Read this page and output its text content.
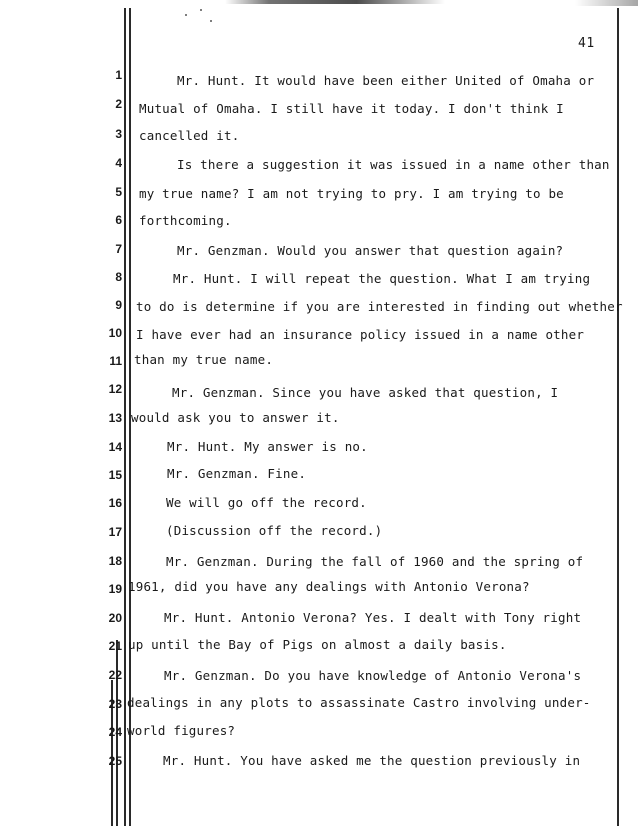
41
1
2
3
4
5
6
7
8
9
10
11
12
13
14
15
16
17
18
19
20
21
22
23
24
25
Mr. Hunt. It would have been either United of Omaha or
Mutual of Omaha. I still have it today. I don't think I
cancelled it.
Is there a suggestion it was issued in a name other than
my true name? I am not trying to pry. I am trying to be
forthcoming.
Mr. Genzman. Would you answer that question again?
Mr. Hunt. I will repeat the question. What I am trying
to do is determine if you are interested in finding out whether
I have ever had an insurance policy issued in a name other
than my true name.
Mr. Genzman. Since you have asked that question, I
would ask you to answer it.
Mr. Hunt. My answer is no.
Mr. Genzman. Fine.
We will go off the record.
(Discussion off the record.)
Mr. Genzman. During the fall of 1960 and the spring of
1961, did you have any dealings with Antonio Verona?
Mr. Hunt. Antonio Verona? Yes. I dealt with Tony right
up until the Bay of Pigs on almost a daily basis.
Mr. Genzman. Do you have knowledge of Antonio Verona's
dealings in any plots to assassinate Castro involving under-
world figures?
Mr. Hunt. You have asked me the question previously in
